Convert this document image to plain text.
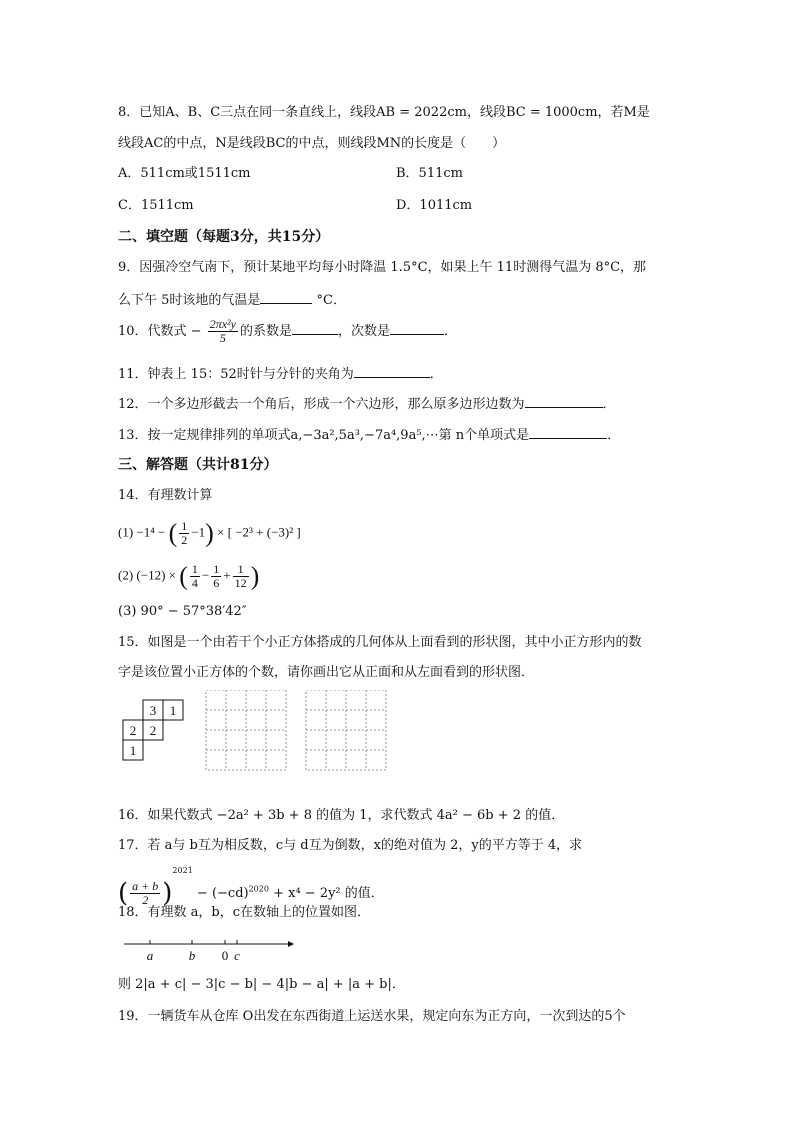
8．已知A、B、C三点在同一条直线上，线段AB = 2022cm，线段BC = 1000cm，若M是
线段AC的中点，N是线段BC的中点，则线段MN的长度是（　　）
A．511cm或1511cm	B．511cm
C．1511cm	D．1011cm
二、填空题（每题3分，共15分）
9．因强冷空气南下，预计某地平均每小时降温 1.5°C，如果上午 11时测得气温为 8°C，那
么下午 5时该地的气温是	°C．
10．代数式 − $\frac{\text{2πx²y}}{5}$ 的系数是	，次数是	．
11．钟表上 15：52时针与分针的夹角为	．
12．一个多边形截去一个角后，形成一个六边形，那么原多边形边数为	．
13．按一定规律排列的单项式a,−3a²,5a³,−7a⁴,9a⁵,⋯第 n个单项式是	．
三、解答题（共计81分）
14．有理数计算
(1) −1⁴ − ( $\frac{1}{2} -1$) × [ −2³ + (−3)² ]
(2) (−12) × ( $\frac{1}{4} - \frac{1}{6} + \frac{1}{12}$ )
(3) 90° − 57°38′42″
15．如图是一个由若干个小正方体搭成的几何体从上面看到的形状图，其中小正方形内的数
字是该位置小正方体的个数，请你画出它从正面和从左面看到的形状图．
3 1
2 2
1
16．如果代数式 −2a² + 3b + 8 的值为 1，求代数式 4a² − 6b + 2 的值．
17．若 a与 b互为相反数，c与 d互为倒数，x的绝对值为 2，y的平方等于 4，求
( $\frac{a + b}{2} )^{2021} - (-cd)^{2020} + x^4 - 2y^2$ 的值．
18．有理数 a，b，c在数轴上的位置如图．
a	b 0 c
则 2|a + c| − 3|c − b| − 4|b − a| + |a + b|．
19．一辆货车从仓库 O出发在东西街道上运送水果，规定向东为正方向，一次到达的5个
